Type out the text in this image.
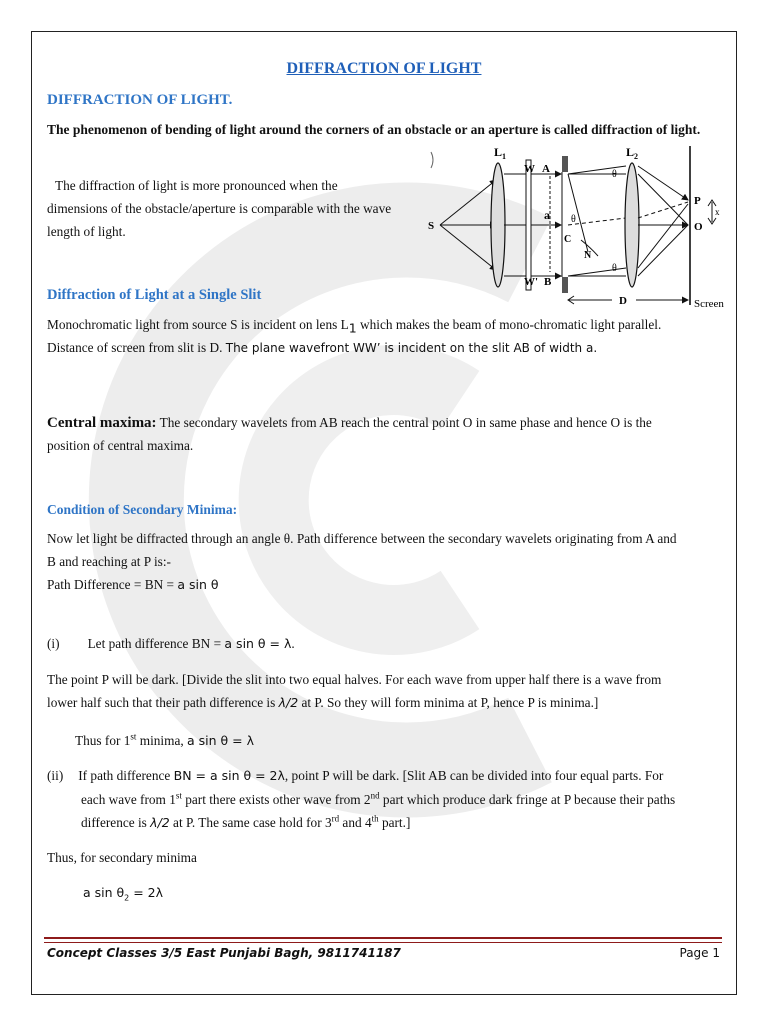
DIFFRACTION OF LIGHT
DIFFRACTION OF LIGHT.
The phenomenon of bending of light around the corners of an obstacle or an aperture is called diffraction of light.
The diffraction of light is more pronounced when the
dimensions of the obstacle/aperture is comparable with the wave
length of light.
$L_1$	$L_2$
W A
S
a
C
N
W' B
θ
θ
θ
P
O
x
D	Screen
Diffraction of Light at a Single Slit
Monochromatic light from source S is incident on lens $L_1$ which makes the beam of mono-chromatic light parallel.
Distance of screen from slit is D. The plane wavefront WW’ is incident on the slit AB of width a.
Central maxima: The secondary wavelets from AB reach the central point O in same phase and hence O is the
position of central maxima.
Condition of Secondary Minima:
Now let light be diffracted through an angle θ. Path difference between the secondary wavelets originating from A and
B and reaching at P is:-
Path Difference = BN = a sin θ
(i) Let path difference BN = a sin θ = λ.
The point P will be dark. [Divide the slit into two equal halves. For each wave from upper half there is a wave from
lower half such that their path difference is λ/2 at P. So they will form minima at P, hence P is minima.]
Thus for 1st minima, a sin θ = λ
(ii) If path difference BN = a sin θ = 2λ, point P will be dark. [Slit AB can be divided into four equal parts. For
each wave from 1st part there exists other wave from 2nd part which produce dark fringe at P because their paths
difference is λ/2 at P. The same case hold for 3rd and 4th part.]
Thus, for secondary minima
a $\sin \theta_2 = 2\lambda$
Concept Classes 3/5 East Punjabi Bagh, 9811741187	Page 1
